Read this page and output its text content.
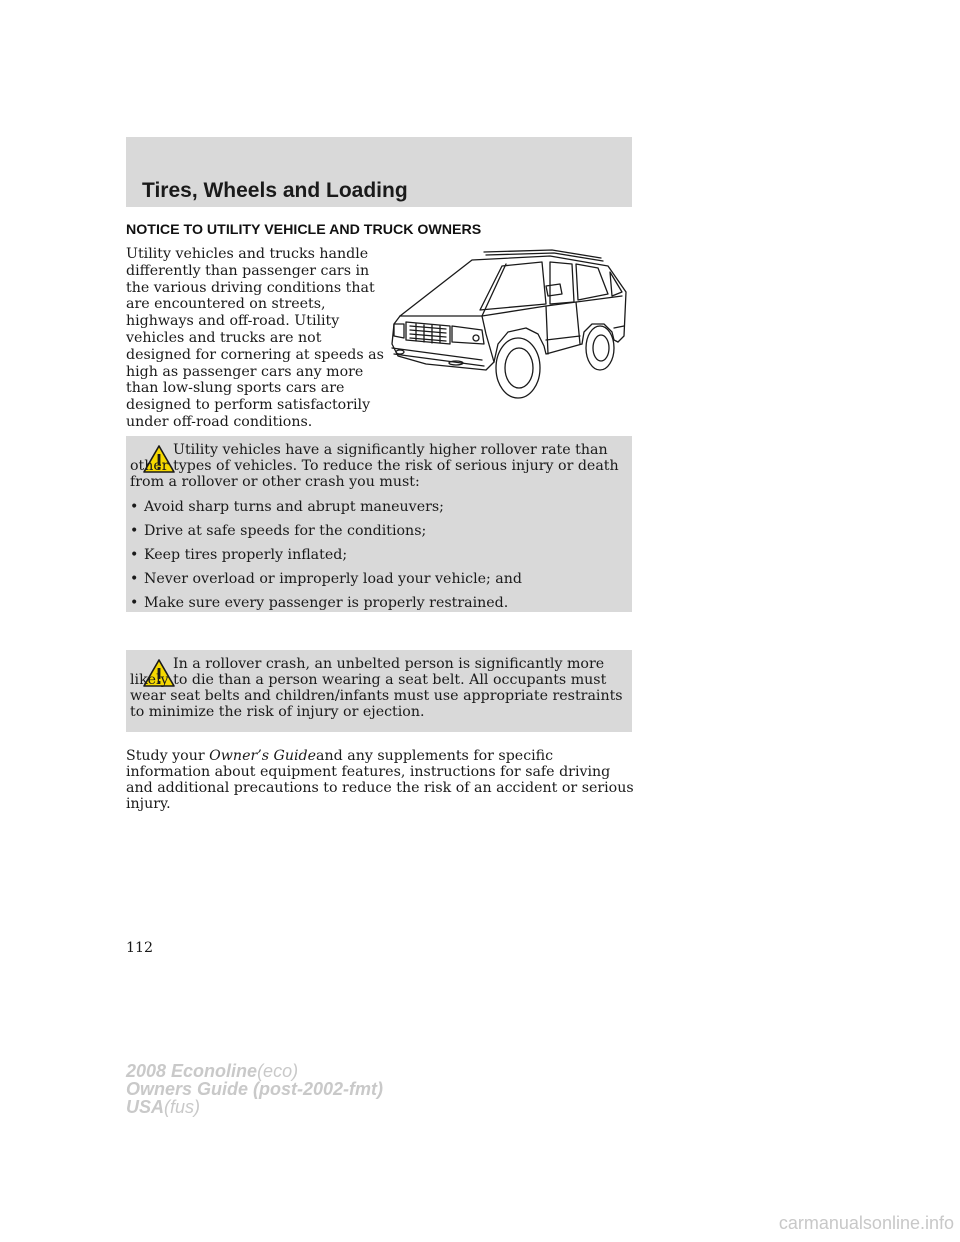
Tires, Wheels and Loading
NOTICE TO UTILITY VEHICLE AND TRUCK OWNERS

Utility vehicles and trucks handle differently than passenger cars in the various driving conditions that are encountered on streets, highways and off-road. Utility vehicles and trucks are not designed for cornering at speeds as high as passenger cars any more than low-slung sports cars are designed to perform satisfactorily under off-road conditions.

Utility vehicles have a significantly higher rollover rate than other types of vehicles. To reduce the risk of serious injury or death from a rollover or other crash you must:

• Avoid sharp turns and abrupt maneuvers;
• Drive at safe speeds for the conditions;
• Keep tires properly inflated;
• Never overload or improperly load your vehicle; and
• Make sure every passenger is properly restrained.

In a rollover crash, an unbelted person is significantly more likely to die than a person wearing a seat belt. All occupants must wear seat belts and children/infants must use appropriate restraints to minimize the risk of injury or ejection.

Study your Owner’s Guideand any supplements for specific information about equipment features, instructions for safe driving and additional precautions to reduce the risk of an accident or serious injury.

112
2008 Econoline(eco)
Owners Guide (post-2002-fmt)
USA(fus)
carmanualsonline.info
